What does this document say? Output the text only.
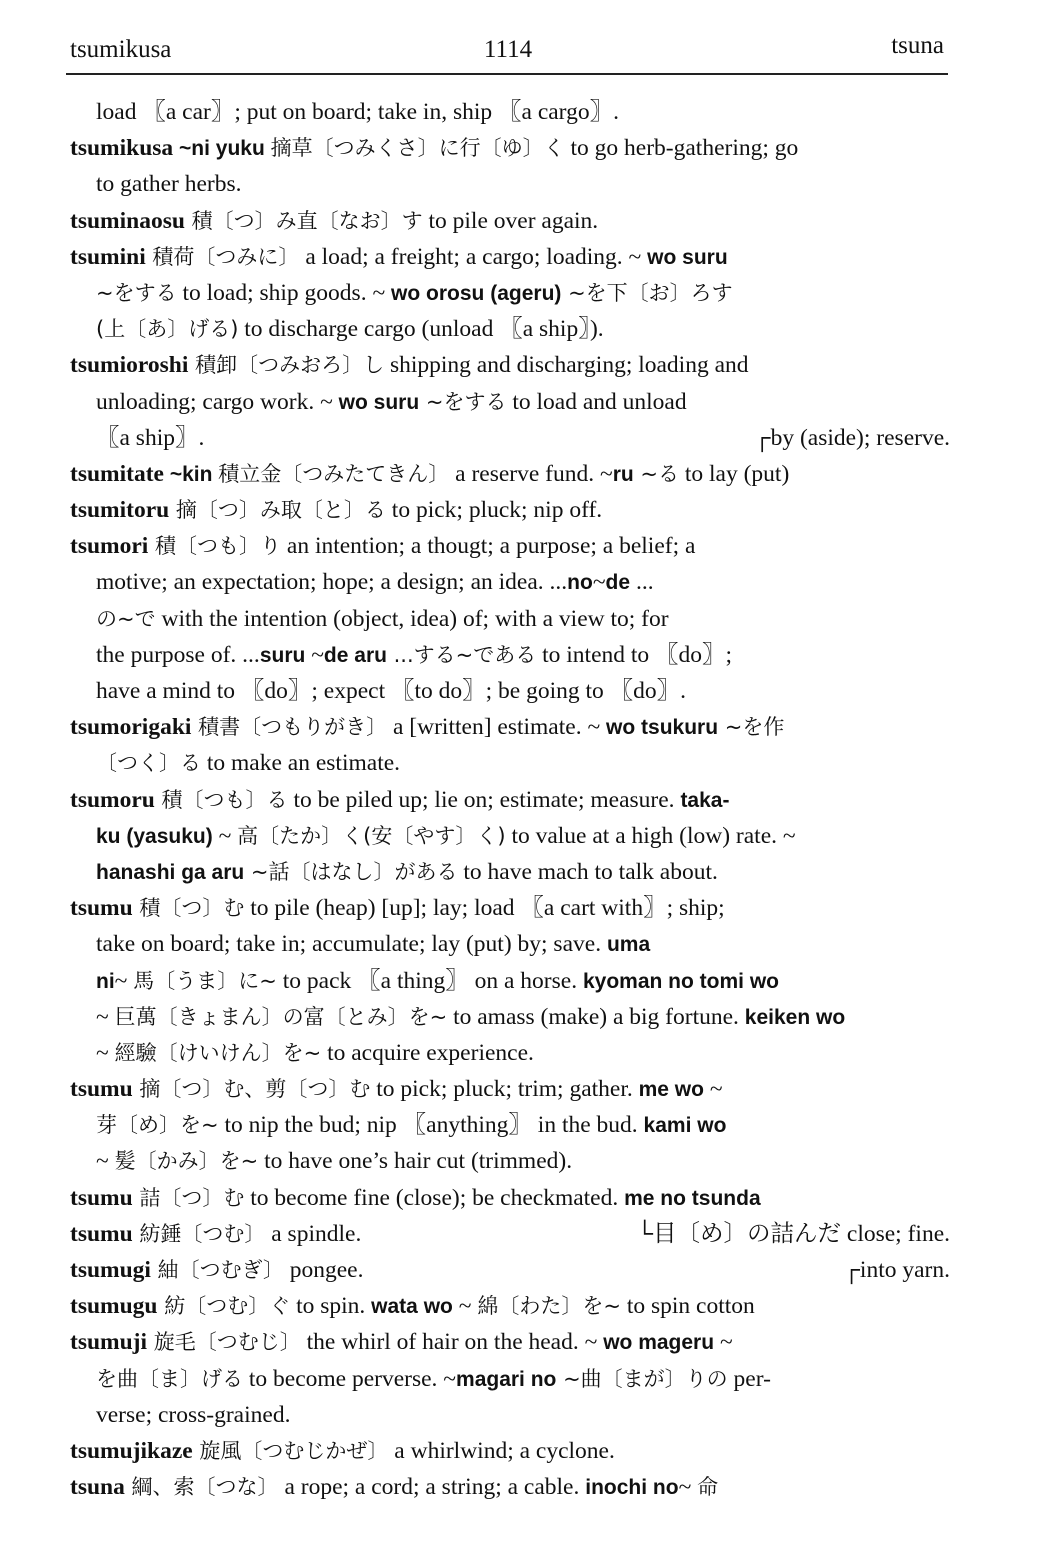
tsumikusa	1114	tsuna
load 〖a car〗; put on board; take in, ship 〖a cargo〗.
tsumikusa ~ni yuku 摘草〔つみくさ〕に行〔ゆ〕く to go herb-gathering; go
to gather herbs.
tsuminaosu 積〔つ〕み直〔なお〕す to pile over again.
tsumini 積荷〔つみに〕 a load; a freight; a cargo; loading. ~ wo suru
~をする to load; ship goods. ~ wo orosu (ageru) ~を下〔お〕ろす
(上〔あ〕げる) to discharge cargo (unload 〖a ship〗).
tsumioroshi 積卸〔つみおろ〕し shipping and discharging; loading and
unloading; cargo work. ~ wo suru ~をする to load and unload
〖a ship〗.	┌by (aside); reserve.
tsumitate ~kin 積立金〔つみたてきん〕 a reserve fund. ~ru ~る to lay (put)
tsumitoru 摘〔つ〕み取〔と〕る to pick; pluck; nip off.
tsumori 積〔つも〕り an intention; a thougt; a purpose; a belief; a
motive; an expectation; hope; a design; an idea. ...no~de ...
の~で with the intention (object, idea) of; with a view to; for
the purpose of. ...suru ~de aru ...する~である to intend to 〖do〗;
have a mind to 〖do〗; expect 〖to do〗; be going to 〖do〗.
tsumorigaki 積書〔つもりがき〕 a [written] estimate. ~ wo tsukuru ~を作
〔つく〕る to make an estimate.
tsumoru 積〔つも〕る to be piled up; lie on; estimate; measure. taka-
ku (yasuku) ~ 高〔たか〕く(安〔やす〕く) to value at a high (low) rate. ~
hanashi ga aru ~話〔はなし〕がある to have mach to talk about.
tsumu 積〔つ〕む to pile (heap) [up]; lay; load 〖a cart with〗; ship;
take on board; take in; accumulate; lay (put) by; save. uma
ni~ 馬〔うま〕に~ to pack 〖a thing〗 on a horse. kyoman no tomi wo
~ 巨萬〔きょまん〕の富〔とみ〕を~ to amass (make) a big fortune. keiken wo
~ 經驗〔けいけん〕を~ to acquire experience.
tsumu 摘〔つ〕む、剪〔つ〕む to pick; pluck; trim; gather. me wo ~
芽〔め〕を~ to nip the bud; nip 〖anything〗 in the bud. kami wo
~ 髪〔かみ〕を~ to have one’s hair cut (trimmed).
tsumu 詰〔つ〕む to become fine (close); be checkmated. me no tsunda
tsumu 紡錘〔つむ〕 a spindle.	└目〔め〕の詰んだ close; fine.
tsumugi 紬〔つむぎ〕 pongee.	┌into yarn.
tsumugu 紡〔つむ〕ぐ to spin. wata wo ~ 綿〔わた〕を~ to spin cotton
tsumuji 旋毛〔つむじ〕 the whirl of hair on the head. ~ wo mageru ~
を曲〔ま〕げる to become perverse. ~magari no ~曲〔まが〕りの per-
verse; cross-grained.
tsumujikaze 旋風〔つむじかぜ〕 a whirlwind; a cyclone.
tsuna 綱、索〔つな〕 a rope; a cord; a string; a cable. inochi no~ 命
